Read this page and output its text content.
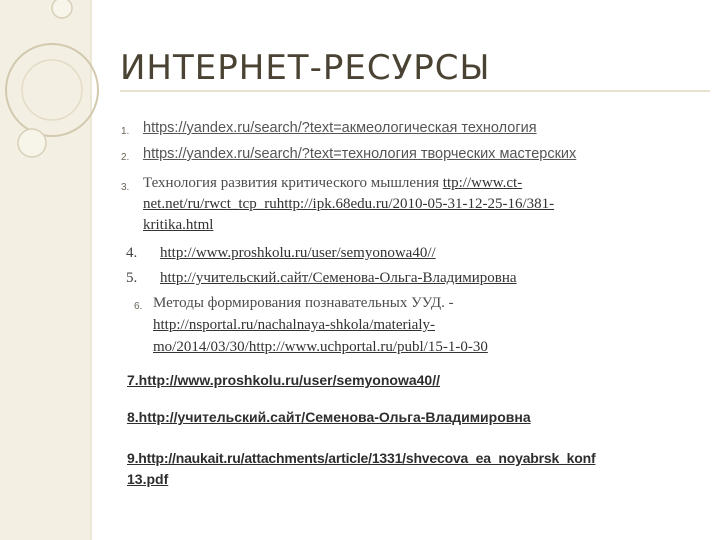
ИНТЕРНЕТ-РЕСУРСЫ
1. https://yandex.ru/search/?text=акмеологическая технология
2. https://yandex.ru/search/?text=технология творческих мастерских
3. Технология развития критического мышления ttp://www.ct-
net.net/ru/rwct_tcp_ruhttp://ipk.68edu.ru/2010-05-31-12-25-16/381-
kritika.html
4. http://www.proshkolu.ru/user/semyonowa40//
5. http://учительский.сайт/Семенова-Ольга-Владимировна
6. Методы формирования познавательных УУД. -
http://nsportal.ru/nachalnaya-shkola/materialy-
mo/2014/03/30/http://www.uchportal.ru/publ/15-1-0-30
7.http://www.proshkolu.ru/user/semyonowa40//
8.http://учительский.сайт/Семенова-Ольга-Владимировна
9.http://naukait.ru/attachments/article/1331/shvecova_ea_noyabrsk_konf
13.pdf
